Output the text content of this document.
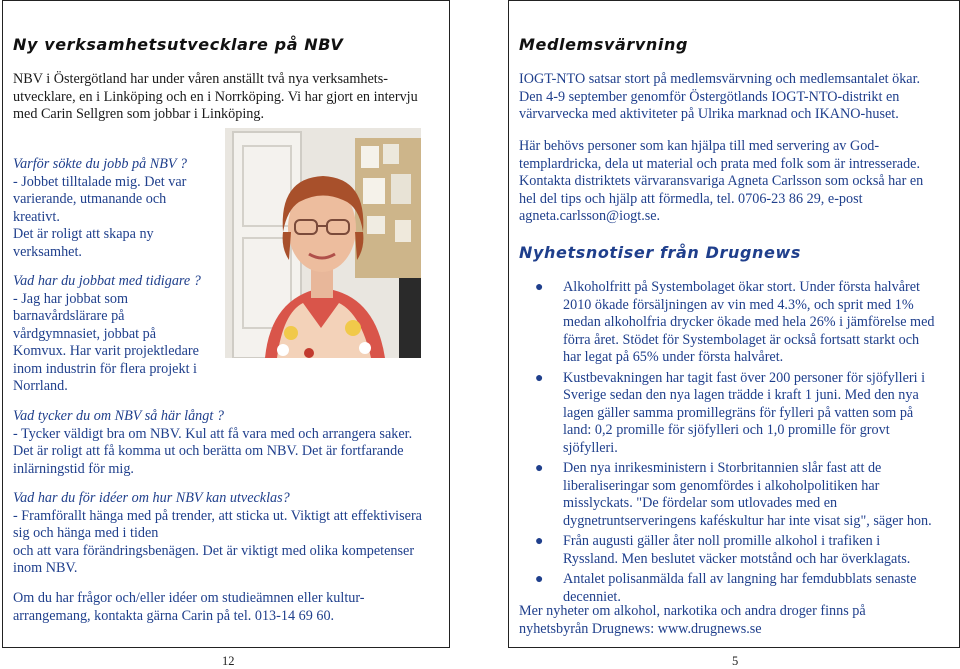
Ny verksamhetsutvecklare på NBV
NBV i Östergötland har under våren anställt två nya verksamhets-
utvecklare, en i Linköping och en i Norrköping. Vi har gjort en intervju
med Carin Sellgren som jobbar i Linköping.
Varför sökte du jobb på NBV ?
- Jobbet tilltalade mig. Det var
varierande, utmanande och
kreativt.
Det är roligt att skapa ny
verksamhet.
Vad har du jobbat med tidigare ?
- Jag har jobbat som
barnavårdslärare på
vårdgymnasiet, jobbat på
Komvux. Har varit projektledare
inom industrin för flera projekt i
Norrland.
Vad tycker du om NBV så här långt ?
- Tycker väldigt bra om NBV. Kul att få vara med och arrangera saker.
Det är roligt att få komma ut och berätta om NBV. Det är fortfarande
inlärningstid för mig.
Vad har du för idéer om hur NBV kan utvecklas?
- Framförallt hänga med på trender, att sticka ut. Viktigt att effektivisera
sig och hänga med i tiden
och att vara förändringsbenägen. Det är viktigt med olika kompetenser
inom NBV.
Om du har frågor och/eller idéer om studieämnen eller kultur-
arrangemang, kontakta gärna Carin på tel. 013-14 69 60.
12
Medlemsvärvning
IOGT-NTO satsar stort på medlemsvärvning och medlemsantalet ökar.
Den 4-9 september genomför Östergötlands IOGT-NTO-distrikt en
värvarvecka med aktiviteter på Ulrika marknad och IKANO-huset.
Här behövs personer som kan hjälpa till med servering av God-
templardricka, dela ut material och prata med folk som är intresserade.
Kontakta distriktets värvaransvariga Agneta Carlsson som också har en
hel del tips och hjälp att förmedla, tel. 0706-23 86 29, e-post
agneta.carlsson@iogt.se.
Nyhetsnotiser från Drugnews
● Alkoholfritt på Systembolaget ökar stort. Under första halvåret
2010 ökade försäljningen av vin med 4.3%, och sprit med 1%
medan alkoholfria drycker ökade med hela 26% i jämförelse med
förra året. Stödet för Systembolaget är också fortsatt starkt och
har legat på 65% under första halvåret.
● Kustbevakningen har tagit fast över 200 personer för sjöfylleri i
Sverige sedan den nya lagen trädde i kraft 1 juni. Med den nya
lagen gäller samma promillegräns för fylleri på vatten som på
land: 0,2 promille för sjöfylleri och 1,0 promille för grovt
sjöfylleri.
● Den nya inrikesministern i Storbritannien slår fast att de
liberaliseringar som genomfördes i alkoholpolitiken har
misslyckats. "De fördelar som utlovades med en
dygnetruntserveringens kaféskultur har inte visat sig", säger hon.
● Från augusti gäller åter noll promille alkohol i trafiken i
Ryssland. Men beslutet väcker motstånd och har överklagats.
● Antalet polisanmälda fall av langning har femdubblats senaste
decenniet.
Mer nyheter om alkohol, narkotika och andra droger finns på
nyhetsbyrån Drugnews: www.drugnews.se
5
